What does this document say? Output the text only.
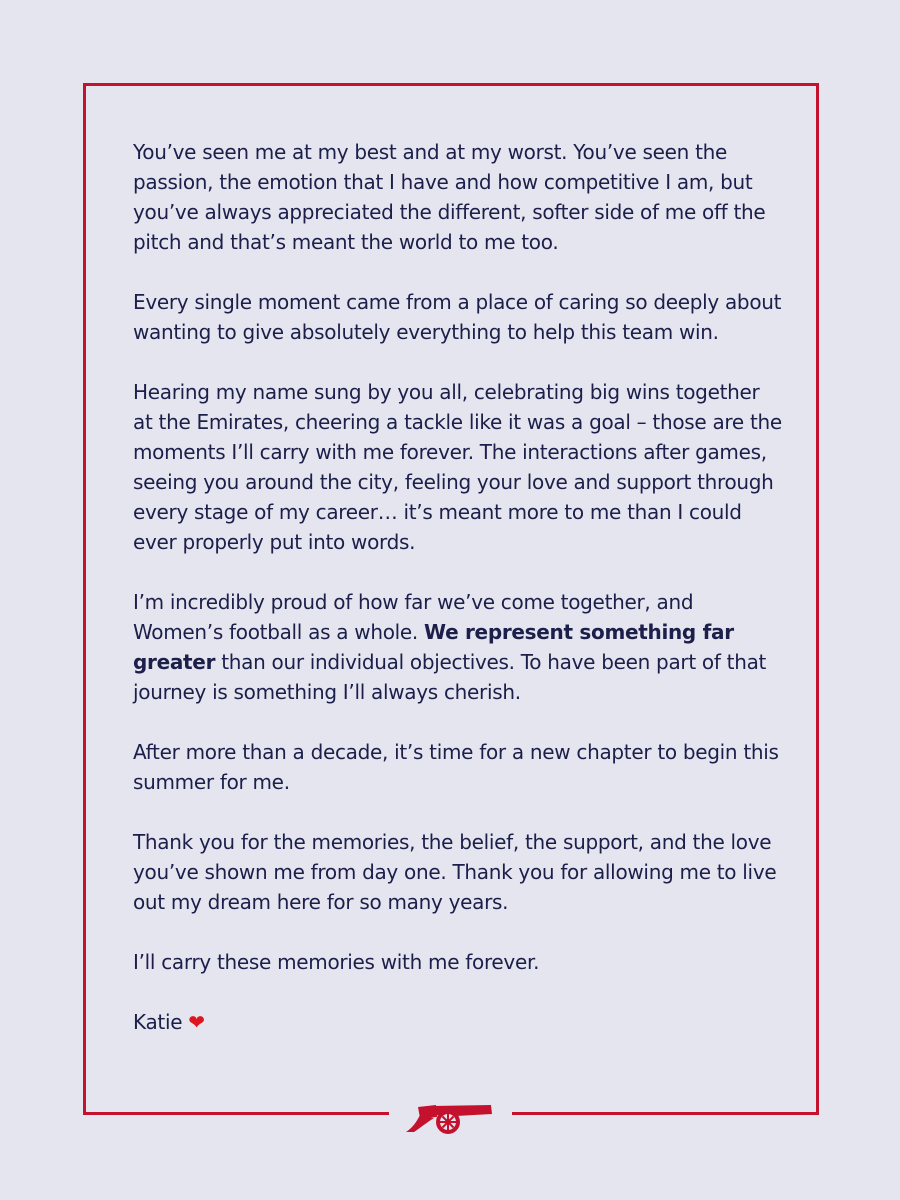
You’ve seen me at my best and at my worst. You’ve seen the passion, the emotion that I have and how competitive I am, but you’ve always appreciated the different, softer side of me off the pitch and that’s meant the world to me too.

Every single moment came from a place of caring so deeply about wanting to give absolutely everything to help this team win.

Hearing my name sung by you all, celebrating big wins together at the Emirates, cheering a tackle like it was a goal – those are the moments I’ll carry with me forever. The interactions after games, seeing you around the city, feeling your love and support through every stage of my career… it’s meant more to me than I could ever properly put into words.

I’m incredibly proud of how far we’ve come together, and Women’s football as a whole. We represent something far greater than our individual objectives. To have been part of that journey is something I’ll always cherish.

After more than a decade, it’s time for a new chapter to begin this summer for me.

Thank you for the memories, the belief, the support, and the love you’ve shown me from day one. Thank you for allowing me to live out my dream here for so many years.

I’ll carry these memories with me forever.

Katie ❤
